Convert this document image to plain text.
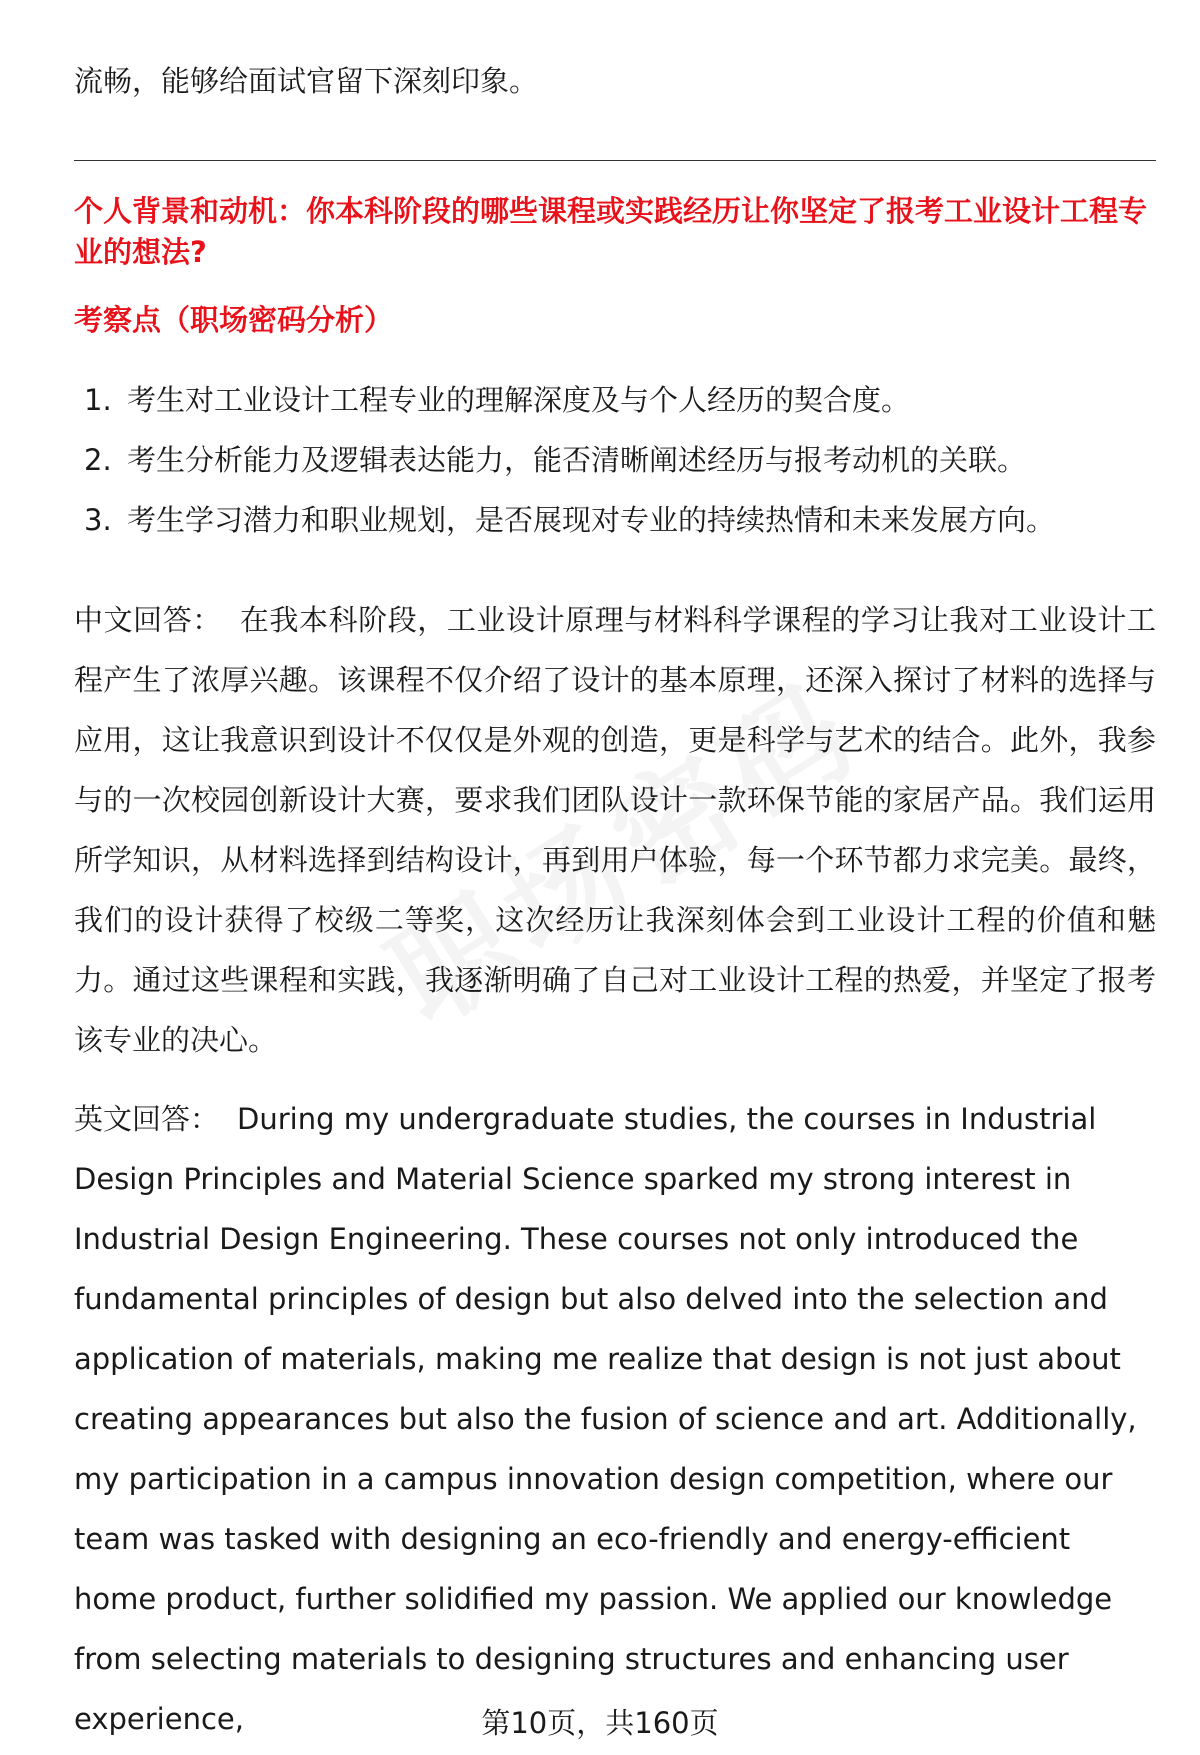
流畅，能够给面试官留下深刻印象。
个人背景和动机：你本科阶段的哪些课程或实践经历让你坚定了报考工业设计工程专业的想法?
考察点（职场密码分析）
1. 考生对工业设计工程专业的理解深度及与个人经历的契合度。
2. 考生分析能力及逻辑表达能力，能否清晰阐述经历与报考动机的关联。
3. 考生学习潜力和职业规划，是否展现对专业的持续热情和未来发展方向。
中文回答： 在我本科阶段，工业设计原理与材料科学课程的学习让我对工业设计工程产生了浓厚兴趣。该课程不仅介绍了设计的基本原理，还深入探讨了材料的选择与应用，这让我意识到设计不仅仅是外观的创造，更是科学与艺术的结合。此外，我参与的一次校园创新设计大赛，要求我们团队设计一款环保节能的家居产品。我们运用所学知识，从材料选择到结构设计，再到用户体验，每一个环节都力求完美。最终，我们的设计获得了校级二等奖，这次经历让我深刻体会到工业设计工程的价值和魅力。通过这些课程和实践，我逐渐明确了自己对工业设计工程的热爱，并坚定了报考该专业的决心。
英文回答： During my undergraduate studies, the courses in Industrial Design Principles and Material Science sparked my strong interest in Industrial Design Engineering. These courses not only introduced the fundamental principles of design but also delved into the selection and application of materials, making me realize that design is not just about creating appearances but also the fusion of science and art. Additionally, my participation in a campus innovation design competition, where our team was tasked with designing an eco-friendly and energy-efficient home product, further solidified my passion. We applied our knowledge from selecting materials to designing structures and enhancing user experience,	第10页，共160页
